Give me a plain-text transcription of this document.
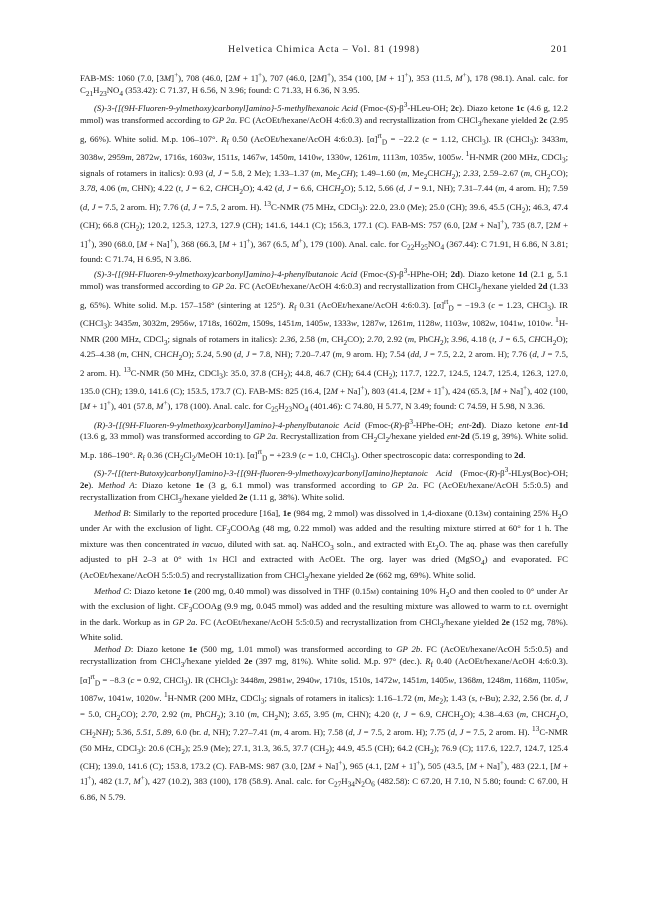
Helvetica Chimica Acta – Vol. 81 (1998)	201

FAB-MS: 1060 (7.0, [3M]+), 708 (46.0, [2M + 1]+), 707 (46.0, [2M]+), 354 (100, [M + 1]+), 353 (11.5, M+), 178 (98.1). Anal. calc. for $C_{21}H_{23}NO_4$ (353.42): C 71.37, H 6.56, N 3.96; found: C 71.33, H 6.36, N 3.95.

(S)-3-{[(9H-Fluoren-9-ylmethoxy)carbonyl]amino}-5-methylhexanoic Acid ($Fmoc-(S)-\beta^3-HLeu-OH$; 2c). Diazo ketone 1c (4.6 g, 12.2 mmol) was transformed according to GP 2a. FC (AcOEt/hexane/AcOH 4:6:0.3) and recrystallization from CHCl$_3$/hexane yielded 2c (2.95 g, 66%). White solid. M.p. 106–107°. $R_f$ 0.50 (AcOEt/hexane/AcOH 4:6:0.3). $[\alpha]^{rt}_D = -22.2$ (c = 1.12, CHCl$_3$). IR (CHCl$_3$): 3433m, 3038w, 2959m, 2872w, 1716s, 1603w, 1511s, 1467w, 1450m, 1410w, 1330w, 1261m, 1113m, 1035w, 1005w. $^1$H-NMR (200 MHz, CDCl$_3$; signals of rotamers in italics): 0.93 (d, J = 5.8, 2 Me); 1.33–1.37 (m, $Me_2CH$); 1.49–1.60 (m, $Me_2CHCH_2$); 2.33, 2.59–2.67 (m, $CH_2CO$); 3.78, 4.06 (m, CHN); 4.22 (t, J = 6.2, $CHCH_2O$); 4.42 (d, J = 6.6, $CHCH_2O$); 5.12, 5.66 (d, J = 9.1, NH); 7.31–7.44 (m, 4 arom. H); 7.59 (d, J = 7.5, 2 arom. H); 7.76 (d, J = 7.5, 2 arom. H). $^{13}$C-NMR (75 MHz, CDCl$_3$): 22.0, 23.0 (Me); 25.0 (CH); 39.6, 45.5 $(CH_2)$; 46.3, 47.4 (CH); 66.8 $(CH_2)$; 120.2, 125.3, 127.3, 127.9 (CH); 141.6, 144.1 (C); 156.3, 177.1 (C). FAB-MS: 757 (6.0, [2M + Na]+), 735 (8.7, [2M + 1]+), 390 (68.0, [M + Na]+), 368 (66.3, [M + 1]+), 367 (6.5, M+), 179 (100). Anal. calc. for $C_{22}H_{25}NO_4$ (367.44): C 71.91, H 6.86, N 3.81; found: C 71.74, H 6.95, N 3.86.

(S)-3-{[(9H-Fluoren-9-ylmethoxy)carbonyl]amino}-4-phenylbutanoic Acid ($Fmoc-(S)-\beta^3-HPhe-OH$; 2d). Diazo ketone 1d (2.1 g, 5.1 mmol) was transformed according to GP 2a. FC (AcOEt/hexane/AcOH 4:6:0.3) and recrystallization from CHCl$_3$/hexane yielded 2d (1.33 g, 65%). White solid. M.p. 157–158° (sintering at 125°). $R_f$ 0.31 (AcOEt/hexane/AcOH 4:6:0.3). $[\alpha]^{rt}_D = -19.3$ (c = 1.23, CHCl$_3$). IR (CHCl$_3$): 3435m, 3032m, 2956w, 1718s, 1602m, 1509s, 1451m, 1405w, 1333w, 1287w, 1261m, 1128w, 1103w, 1082w, 1041w, 1010w. $^1$H-NMR (200 MHz, CDCl$_3$; signals of rotamers in italics): 2.36, 2.58 (m, $CH_2CO$); 2.70, 2.92 (m, PhCH$_2$); 3.96, 4.18 (t, J = 6.5, $CHCH_2O$); 4.25–4.38 (m, CHN, $CHCH_2O$); 5.24, 5.90 (d, J = 7.8, NH); 7.20–7.47 (m, 9 arom. H); 7.54 (dd, J = 7.5, 2.2, 2 arom. H); 7.76 (d, J = 7.5, 2 arom. H). $^{13}$C-NMR (50 MHz, CDCl$_3$): 35.0, 37.8 $(CH_2)$; 44.8, 46.7 (CH); 64.4 $(CH_2)$; 117.7, 122.7, 124.5, 124.7, 125.4, 126.3, 127.0, 135.0 (CH); 139.0, 141.6 (C); 153.5, 173.7 (C). FAB-MS: 825 (16.4, [2M + Na]+), 803 (41.4, [2M + 1]+), 424 (65.3, [M + Na]+), 402 (100, [M + 1]+), 401 (57.8, M+), 178 (100). Anal. calc. for $C_{25}H_{23}NO_4$ (401.46): C 74.80, H 5.77, N 3.49; found: C 74.59, H 5.98, N 3.36.

(R)-3-{[(9H-Fluoren-9-ylmethoxy)carbonyl]amino}-4-phenylbutanoic Acid ($Fmoc-(R)-\beta^3-HPhe-OH$; ent-2d). Diazo ketone ent-1d (13.6 g, 33 mmol) was transformed according to GP 2a. Recrystallization from $CH_2Cl_2$/hexane yielded ent-2d (5.19 g, 39%). White solid. M.p. 186–190°. $R_f$ 0.36 ($CH_2Cl_2$/MeOH 10:1). $[\alpha]^{rt}_D = +23.9$ (c = 1.0, CHCl$_3$). Other spectroscopic data: corresponding to 2d.

(S)-7-{[(tert-Butoxy)carbonyl]amino}-3-{[(9H-fluoren-9-ylmethoxy)carbonyl]amino}heptanoic Acid ($Fmoc-(R)-\beta^3-HLys(Boc)-OH$; 2e). Method A: Diazo ketone 1e (3 g, 6.1 mmol) was transformed according to GP 2a. FC (AcOEt/hexane/AcOH 5:5:0.5) and recrystallization from CHCl$_3$/hexane yielded 2e (1.11 g, 38%). White solid.

Method B: Similarly to the reported procedure [16a], 1e (984 mg, 2 mmol) was dissolved in 1,4-dioxane (0.13m) containing 25% $H_2O$ under Ar with the exclusion of light. $CF_3COOAg$ (48 mg, 0.22 mmol) was added and the resulting mixture stirred at 60° for 1 h. The mixture was then concentrated in vacuo, diluted with sat. aq. NaHCO$_3$ soln., and extracted with $Et_2O$. The aq. phase was then carefully adjusted to pH 2–3 at 0° with 1n HCl and extracted with AcOEt. The org. layer was dried (MgSO$_4$) and evaporated. FC (AcOEt/hexane/AcOH 5:5:0.5) and recrystallization from CHCl$_3$/hexane yielded 2e (662 mg, 69%). White solid.

Method C: Diazo ketone 1e (200 mg, 0.40 mmol) was dissolved in THF (0.15m) containing 10% $H_2O$ and then cooled to 0° under Ar with the exclusion of light. $CF_3COOAg$ (9.9 mg, 0.045 mmol) was added and the resulting mixture was allowed to warm to r.t. overnight in the dark. Workup as in GP 2a. FC (AcOEt/hexane/AcOH 5:5:0.5) and recrystallization from CHCl$_3$/hexane yielded 2e (152 mg, 78%). White solid.

Method D: Diazo ketone 1e (500 mg, 1.01 mmol) was transformed according to GP 2b. FC (AcOEt/hexane/AcOH 5:5:0.5) and recrystallization from CHCl$_3$/hexane yielded 2e (397 mg, 81%). White solid. M.p. 97° (dec.). $R_f$ 0.40 (AcOEt/hexane/AcOH 4:6:0.3). $[\alpha]^{rt}_D = -8.3$ (c = 0.92, CHCl$_3$). IR (CHCl$_3$): 3448m, 2981w, 2940w, 1710s, 1510s, 1472w, 1451m, 1405w, 1368m, 1248m, 1168m, 1105w, 1087w, 1041w, 1020w. $^1$H-NMR (200 MHz, CDCl$_3$; signals of rotamers in italics): 1.16–1.72 (m, $Me_2$); 1.43 (s, t-Bu); 2.32, 2.56 (br. d, J = 5.0, $CH_2CO$); 2.70, 2.92 (m, PhCH$_2$); 3.10 (m, $CH_2N$); 3.65, 3.95 (m, CHN); 4.20 (t, J = 6.9, $CHCH_2O$); 4.38–4.63 (m, $CHCH_2O$, $CH_2NH$); 5.36, 5.51, 5.89, 6.0 (br. d, NH); 7.27–7.41 (m, 4 arom. H); 7.58 (d, J = 7.5, 2 arom. H); 7.75 (d, J = 7.5, 2 arom. H). $^{13}$C-NMR (50 MHz, CDCl$_3$): 20.6 $(CH_2)$; 25.9 (Me); 27.1, 31.3, 36.5, 37.7 $(CH_2)$; 44.9, 45.5 (CH); 64.2 $(CH_2)$; 76.9 (C); 117.6, 122.7, 124.7, 125.4 (CH); 139.0, 141.6 (C); 153.8, 173.2 (C). FAB-MS: 987 (3.0, [2M + Na]+), 965 (4.1, [2M + 1]+), 505 (43.5, [M + Na]+), 483 (22.1, [M + 1]+), 482 (1.7, M+), 427 (10.2), 383 (100), 178 (58.9). Anal. calc. for $C_{27}H_{34}N_2O_6$ (482.58): C 67.20, H 7.10, N 5.80; found: C 67.00, H 6.86, N 5.79.
